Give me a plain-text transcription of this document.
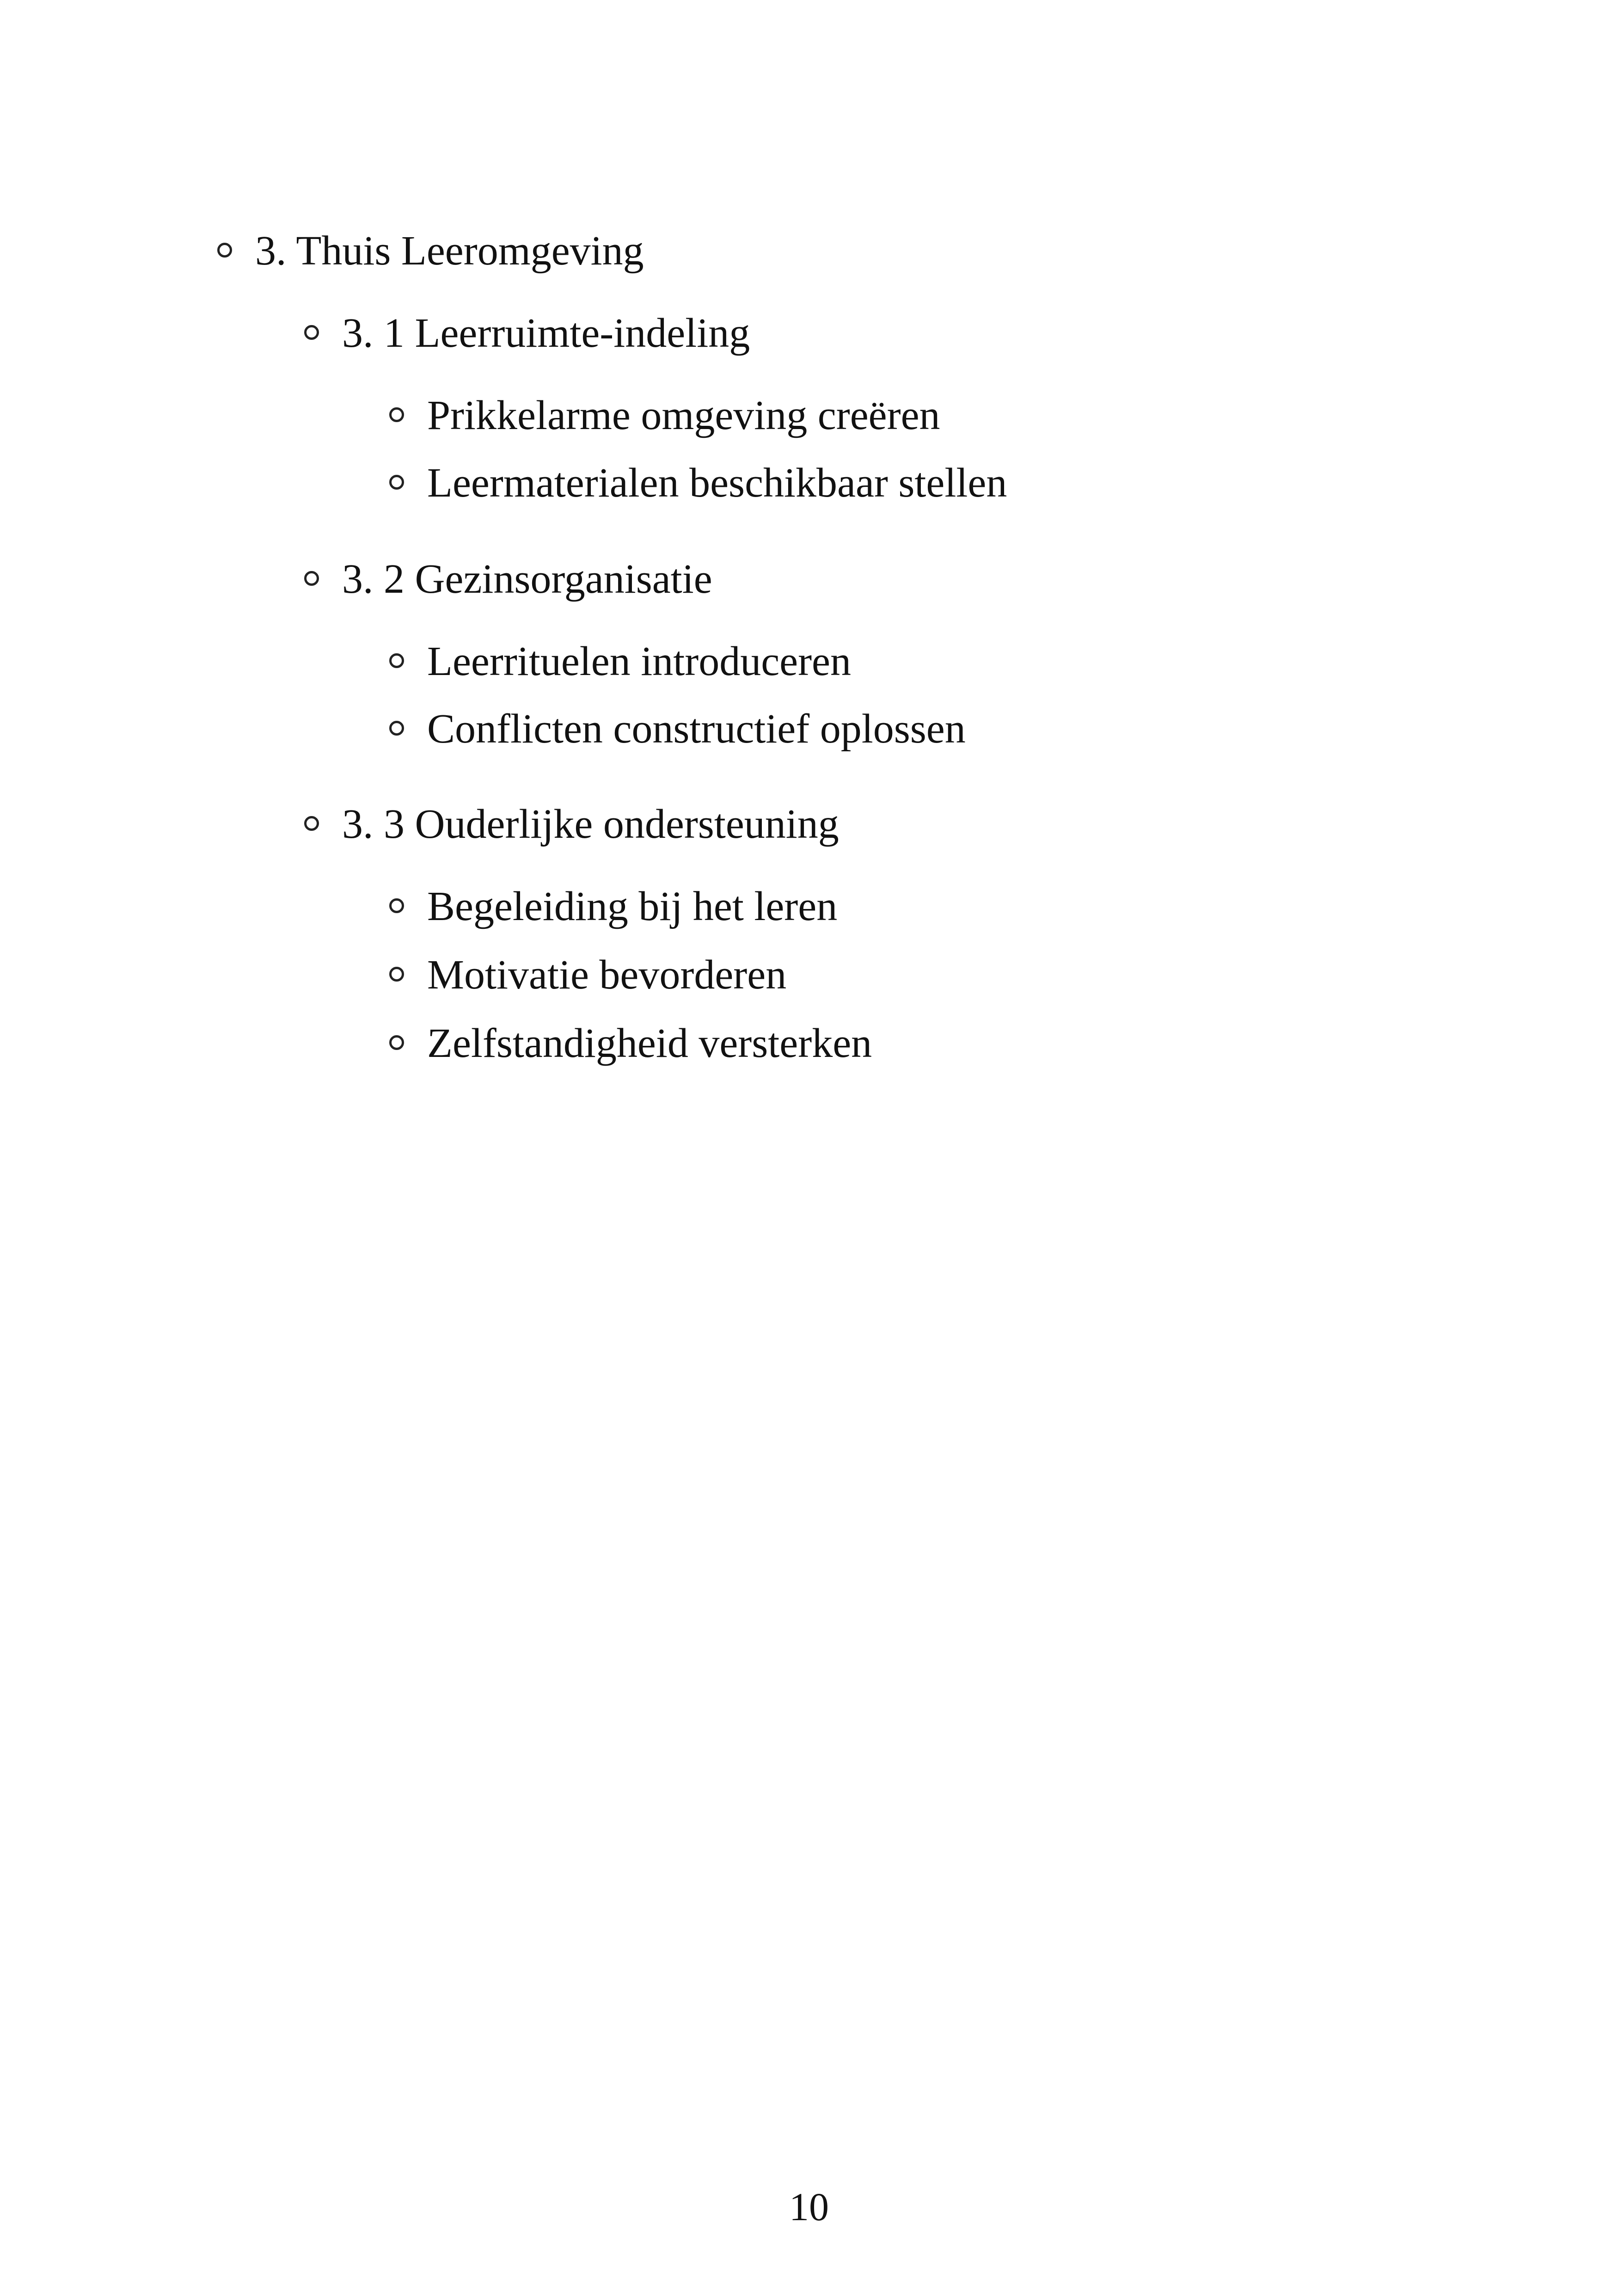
3. Thuis Leeromgeving
3. 1 Leerruimte-indeling
Prikkelarme omgeving creëren
Leermaterialen beschikbaar stellen
3. 2 Gezinsorganisatie
Leerrituelen introduceren
Conflicten constructief oplossen
3. 3 Ouderlijke ondersteuning
Begeleiding bij het leren
Motivatie bevorderen
Zelfstandigheid versterken
10
